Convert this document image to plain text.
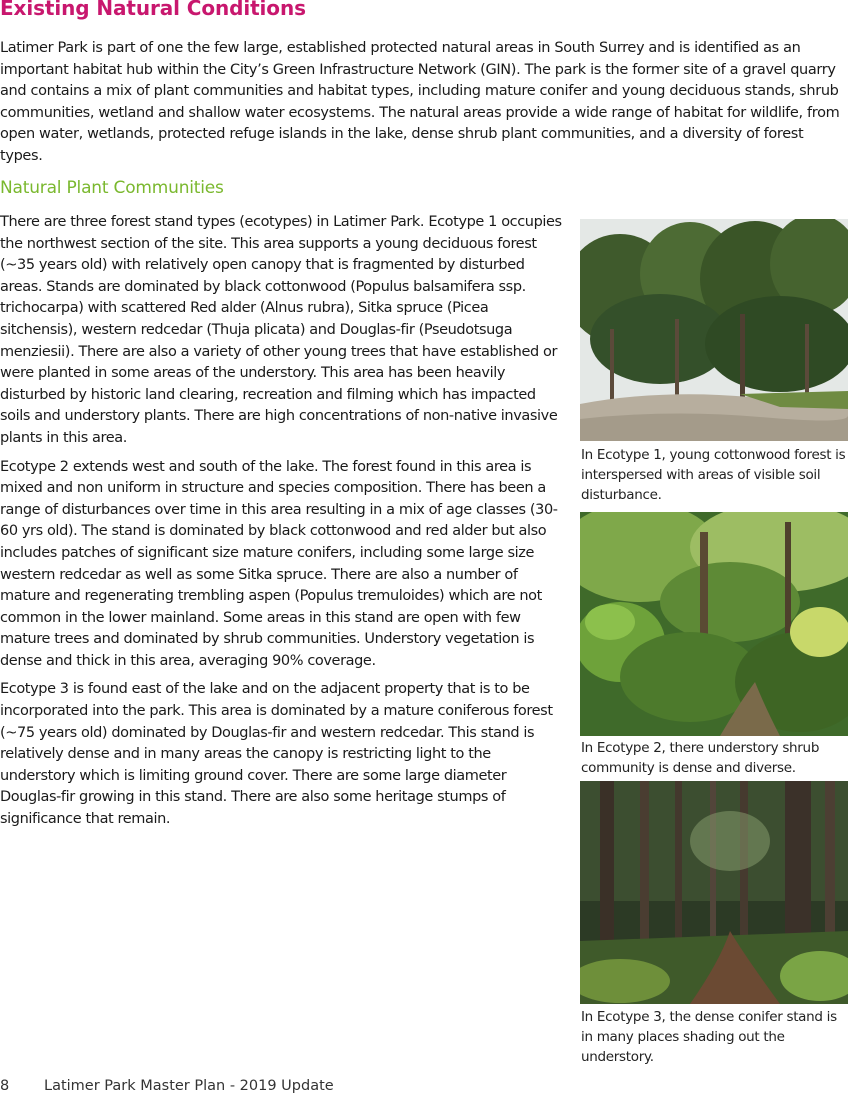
Existing Natural Conditions

Latimer Park is part of one the few large, established protected natural areas in South Surrey and is identified as an important habitat hub within the City’s Green Infrastructure Network (GIN). The park is the former site of a gravel quarry and contains a mix of plant communities and habitat types, including mature conifer and young deciduous stands, shrub communities, wetland and shallow water ecosystems. The natural areas provide a wide range of habitat for wildlife, from open water, wetlands, protected refuge islands in the lake, dense shrub plant communities, and a diversity of forest types.

Natural Plant Communities

There are three forest stand types (ecotypes) in Latimer Park. Ecotype 1 occupies the northwest section of the site. This area supports a young deciduous forest (~35 years old) with relatively open canopy that is fragmented by disturbed areas. Stands are dominated by black cottonwood (Populus balsamifera ssp. trichocarpa) with scattered Red alder (Alnus rubra), Sitka spruce (Picea sitchensis), western redcedar (Thuja plicata) and Douglas-fir (Pseudotsuga menziesii). There are also a variety of other young trees that have established or were planted in some areas of the understory. This area has been heavily disturbed by historic land clearing, recreation and filming which has impacted soils and understory plants. There are high concentrations of non-native invasive plants in this area.

Ecotype 2 extends west and south of the lake. The forest found in this area is mixed and non uniform in structure and species composition. There has been a range of disturbances over time in this area resulting in a mix of age classes (30-60 yrs old). The stand is dominated by black cottonwood and red alder but also includes patches of significant size mature conifers, including some large size western redcedar as well as some Sitka spruce. There are also a number of mature and regenerating trembling aspen (Populus tremuloides) which are not common in the lower mainland. Some areas in this stand are open with few mature trees and dominated by shrub communities. Understory vegetation is dense and thick in this area, averaging 90% coverage.

Ecotype 3 is found east of the lake and on the adjacent property that is to be incorporated into the park. This area is dominated by a mature coniferous forest (~75 years old) dominated by Douglas-fir and western redcedar. This stand is relatively dense and in many areas the canopy is restricting light to the understory which is limiting ground cover. There are some large diameter Douglas-fir growing in this stand. There are also some heritage stumps of significance that remain.

In Ecotype 1, young cottonwood forest is interspersed with areas of visible soil disturbance.

In Ecotype 2, there understory shrub community is dense and diverse.

In Ecotype 3, the dense conifer stand is in many places shading out the understory.

8 Latimer Park Master Plan - 2019 Update
